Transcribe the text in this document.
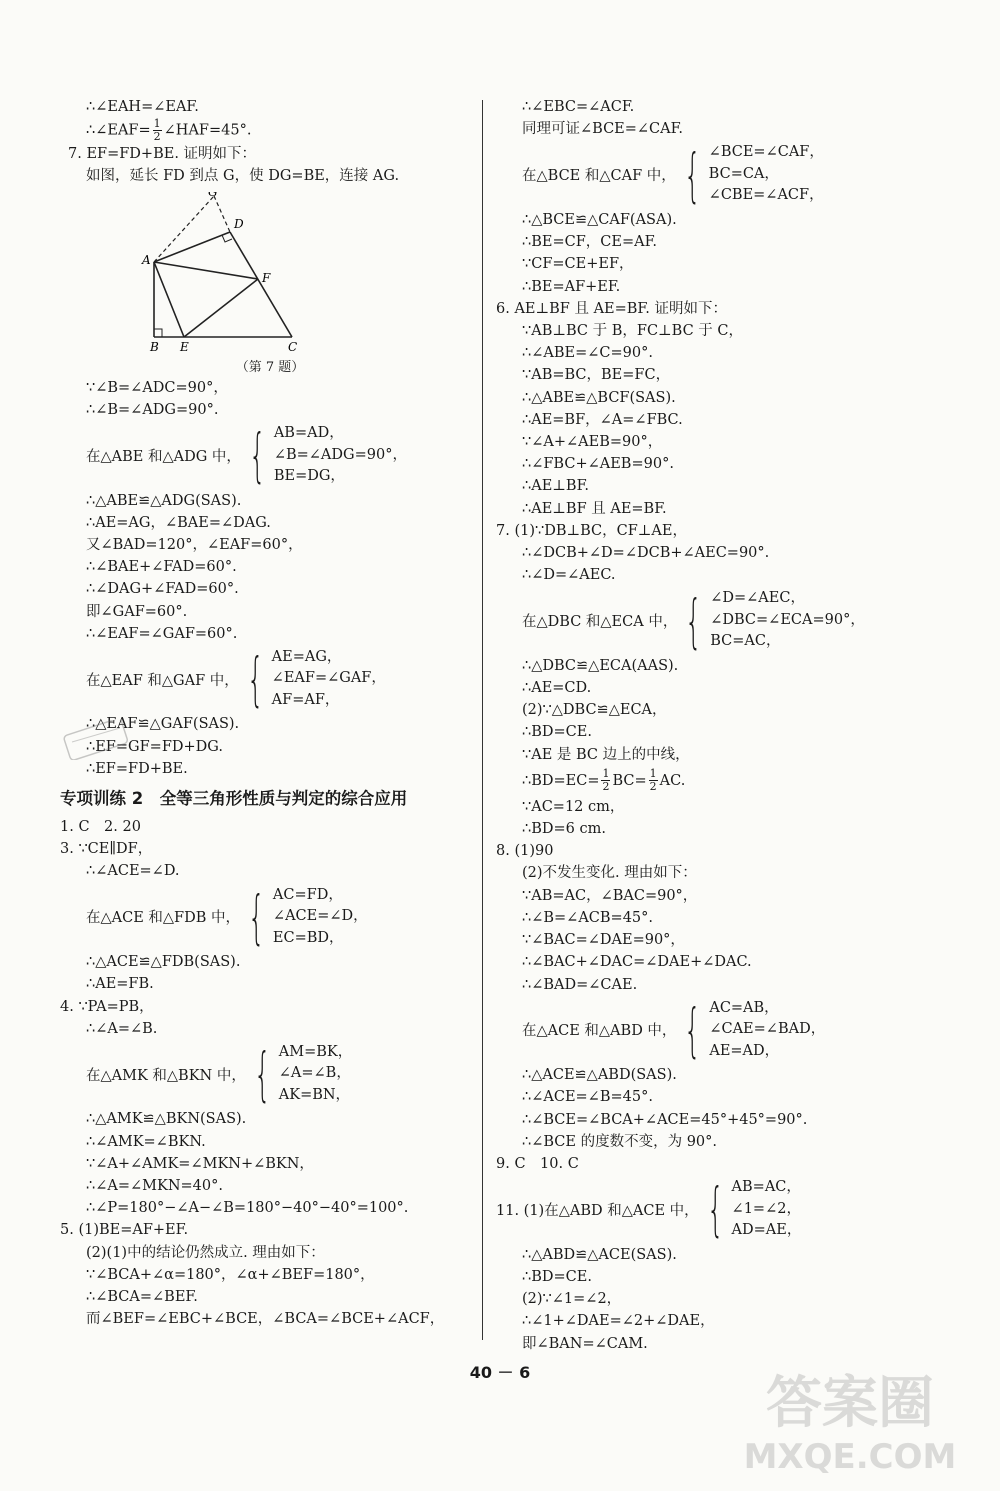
∴∠EAH=∠EAF.
∴∠EAF= $\frac{1}{2}$ ∠HAF=45°.
7. EF=FD+BE. 证明如下：
如图，延长 FD 到点 G，使 DG=BE，连接 AG.
G
D
A
F
B E	C
（第 7 题）
∵∠B=∠ADC=90°，
∴∠B=∠ADG=90°.
在△ABE 和△ADG 中， { AB=AD，
∠B=∠ADG=90°，
BE=DG，
∴△ABE≌△ADG(SAS).
∴AE=AG，∠BAE=∠DAG.
又∠BAD=120°，∠EAF=60°，
∴∠BAE+∠FAD=60°.
∴∠DAG+∠FAD=60°.
即∠GAF=60°.
∴∠EAF=∠GAF=60°.
在△EAF 和△GAF 中， { AE=AG，
∠EAF=∠GAF，
AF=AF，
∴△EAF≌△GAF(SAS).
∴EF=GF=FD+DG.
∴EF=FD+BE.
专项训练 2　全等三角形性质与判定的综合应用
1. C　2. 20
3. ∵CE∥DF，
∴∠ACE=∠D.
在△ACE 和△FDB 中， { AC=FD，
∠ACE=∠D，
EC=BD，
∴△ACE≌△FDB(SAS).
∴AE=FB.
4. ∵PA=PB，
∴∠A=∠B.
在△AMK 和△BKN 中， { AM=BK，
∠A=∠B，
AK=BN，
∴△AMK≌△BKN(SAS).
∴∠AMK=∠BKN.
∵∠A+∠AMK=∠MKN+∠BKN，
∴∠A=∠MKN=40°.
∴∠P=180°−∠A−∠B=180°−40°−40°=100°.
5. (1)BE=AF+EF.
(2)(1)中的结论仍然成立. 理由如下：
∵∠BCA+∠α=180°，∠α+∠BEF=180°，
∴∠BCA=∠BEF.
而∠BEF=∠EBC+∠BCE，∠BCA=∠BCE+∠ACF，
∴∠EBC=∠ACF.
同理可证∠BCE=∠CAF.
在△BCE 和△CAF 中， { ∠BCE=∠CAF，
BC=CA，
∠CBE=∠ACF，
∴△BCE≌△CAF(ASA).
∴BE=CF，CE=AF.
∵CF=CE+EF，
∴BE=AF+EF.
6. AE⊥BF 且 AE=BF. 证明如下：
∵AB⊥BC 于 B，FC⊥BC 于 C，
∴∠ABE=∠C=90°.
∵AB=BC，BE=FC，
∴△ABE≌△BCF(SAS).
∴AE=BF，∠A=∠FBC.
∵∠A+∠AEB=90°，
∴∠FBC+∠AEB=90°.
∴AE⊥BF.
∴AE⊥BF 且 AE=BF.
7. (1)∵DB⊥BC，CF⊥AE，
∴∠DCB+∠D=∠DCB+∠AEC=90°.
∴∠D=∠AEC.
在△DBC 和△ECA 中， { ∠D=∠AEC，
∠DBC=∠ECA=90°，
BC=AC，
∴△DBC≌△ECA(AAS).
∴AE=CD.
(2)∵△DBC≌△ECA，
∴BD=CE.
∵AE 是 BC 边上的中线，
∴BD=EC= $\frac{1}{2} BC= \frac{1}{2}$ AC.
∵AC=12 cm，
∴BD=6 cm.
8. (1)90
(2)不发生变化. 理由如下：
∵AB=AC，∠BAC=90°，
∴∠B=∠ACB=45°.
∵∠BAC=∠DAE=90°，
∴∠BAC+∠DAC=∠DAE+∠DAC.
∴∠BAD=∠CAE.
在△ACE 和△ABD 中， { AC=AB，
∠CAE=∠BAD，
AE=AD，
∴△ACE≌△ABD(SAS).
∴∠ACE=∠B=45°.
∴∠BCE=∠BCA+∠ACE=45°+45°=90°.
∴∠BCE 的度数不变，为 90°.
9. C　10. C
11. (1)在△ABD 和△ACE 中， { AB=AC，
∠1=∠2，
AD=AE，
∴△ABD≌△ACE(SAS).
∴BD=CE.
(2)∵∠1=∠2，
∴∠1+∠DAE=∠2+∠DAE，
即∠BAN=∠CAM.
40 － 6	答案圈
MXQE.COM
